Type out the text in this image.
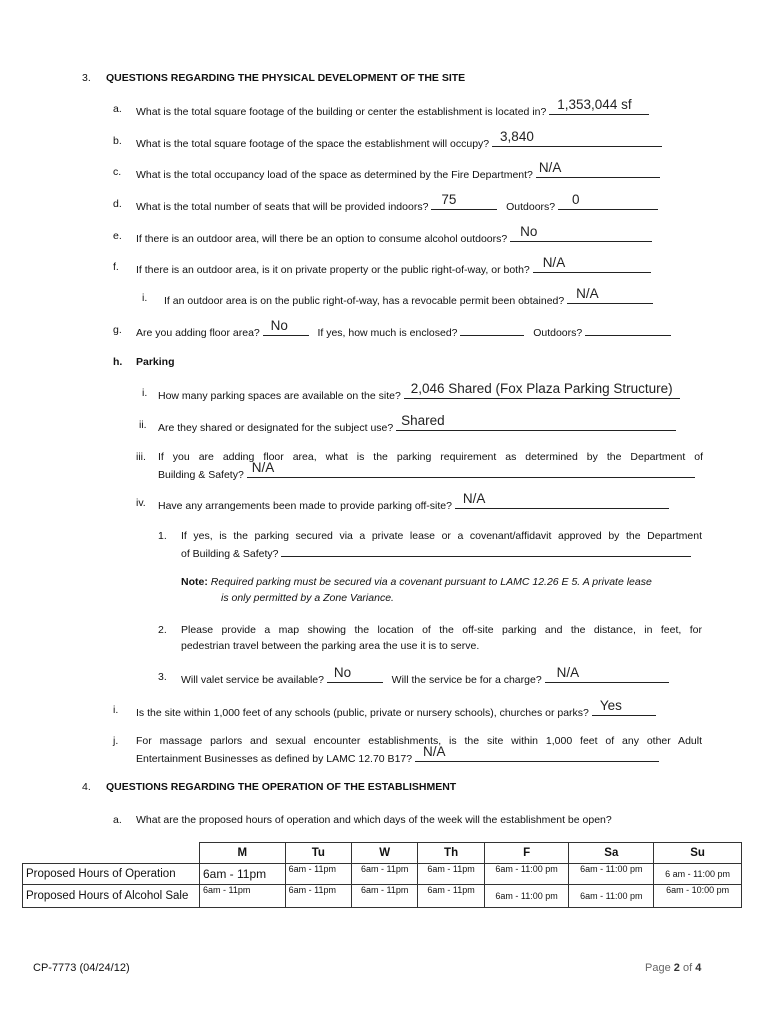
3. QUESTIONS REGARDING THE PHYSICAL DEVELOPMENT OF THE SITE
a. What is the total square footage of the building or center the establishment is located in? 1,353,044 sf
b. What is the total square footage of the space the establishment will occupy? 3,840
c. What is the total occupancy load of the space as determined by the Fire Department? N/A
d. What is the total number of seats that will be provided indoors? 75	Outdoors? 0
e. If there is an outdoor area, will there be an option to consume alcohol outdoors? No
f. If there is an outdoor area, is it on private property or the public right-of-way, or both? N/A
i. If an outdoor area is on the public right-of-way, has a revocable permit been obtained? N/A
g. Are you adding floor area? No	If yes, how much is enclosed?	Outdoors?
h. Parking
i. How many parking spaces are available on the site? 2,046 Shared (Fox Plaza Parking Structure)
ii. Are they shared or designated for the subject use? Shared
iii. If you are adding floor area, what is the parking requirement as determined by the Department of
Building & Safety? N/A
iv. Have any arrangements been made to provide parking off-site? N/A
1. If yes, is the parking secured via a private lease or a covenant/affidavit approved by the Department
of Building & Safety?
Note: Required parking must be secured via a covenant pursuant to LAMC 12.26 E 5. A private lease
is only permitted by a Zone Variance.
2. Please provide a map showing the location of the off-site parking and the distance, in feet, for
pedestrian travel between the parking area the use it is to serve.
3. Will valet service be available? No	Will the service be for a charge? N/A
i. Is the site within 1,000 feet of any schools (public, private or nursery schools), churches or parks? Yes
j. For massage parlors and sexual encounter establishments, is the site within 1,000 feet of any other Adult
Entertainment Businesses as defined by LAMC 12.70 B17? N/A
4. QUESTIONS REGARDING THE OPERATION OF THE ESTABLISHMENT
a. What are the proposed hours of operation and which days of the week will the establishment be open?
	M	Tu	W	Th	F	Sa	Su
Proposed Hours of Operation	6am - 11pm	6am - 11pm	6am - 11pm	6am - 11pm	6am - 11:00 pm	6am - 11:00 pm	6 am - 11:00 pm
Proposed Hours of Alcohol Sale	6am - 11pm	6am - 11pm	6am - 11pm	6am - 11pm	6am - 11:00 pm	6am - 11:00 pm	6am - 10:00 pm
CP-7773 (04/24/12)	Page 2 of 4
